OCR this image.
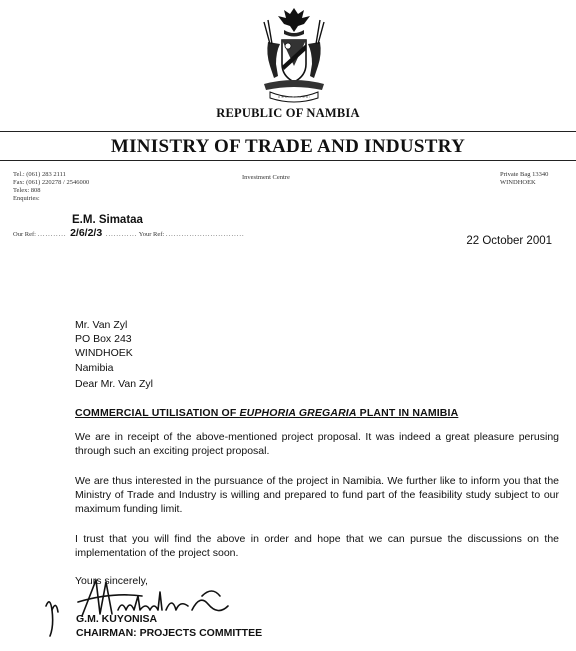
REPUBLIC OF NAMBIA
MINISTRY OF TRADE AND INDUSTRY
Tel.: (061) 283 2111
Fax: (061) 220278 / 2546000
Telex: 808
Enquiries:
Investment Centre	Private Bag 13340
WINDHOEK
E.M. Simataa
Our Ref: ........... 2/6/2/3 ............ Your Ref: ..............................
22 October 2001
Mr. Van Zyl
PO Box 243
WINDHOEK
Namibia
Dear Mr. Van Zyl
COMMERCIAL UTILISATION OF EUPHORIA GREGARIA PLANT IN NAMIBIA
We are in receipt of the above-mentioned project proposal. It was indeed a great pleasure perusing through such an exciting project proposal.
We are thus interested in the pursuance of the project in Namibia. We further like to inform you that the Ministry of Trade and Industry is willing and prepared to fund part of the feasibility study subject to our maximum funding limit.
I trust that you will find the above in order and hope that we can pursue the discussions on the implementation of the project soon.
Yours sincerely,
G.M. KUYONISA
CHAIRMAN: PROJECTS COMMITTEE
